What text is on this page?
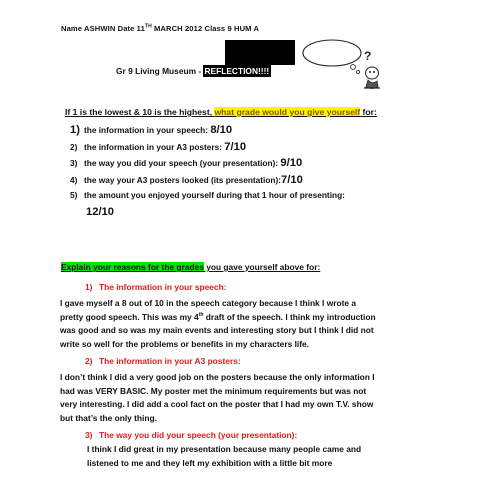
Name ASHWIN Date 11TH MARCH 2012 Class 9 HUM A
?
Gr 9 Living Museum - REFLECTION!!!!
If 1 is the lowest & 10 is the highest, what grade would you give yourself for:
1) the information in your speech: 8/10
2) the information in your A3 posters: 7/10
3) the way you did your speech (your presentation): 9/10
4) the way your A3 posters looked (its presentation):7/10
5) the amount you enjoyed yourself during that 1 hour of presenting:
12/10
Explain your reasons for the grades you gave yourself above for:
1) The information in your speech:
I gave myself a 8 out of 10 in the speech category because I think I wrote a
pretty good speech. This was my 4th draft of the speech. I think my introduction
was good and so was my main events and interesting story but I think I did not
write so well for the problems or benefits in my characters life.
2) The information in your A3 posters:
I don’t think I did a very good job on the posters because the only information I
had was VERY BASIC. My poster met the minimum requirements but was not
very interesting. I did add a cool fact on the poster that I had my own T.V. show
but that’s the only thing.
3) The way you did your speech (your presentation):
I think I did great in my presentation because many people came and
listened to me and they left my exhibition with a little bit more
